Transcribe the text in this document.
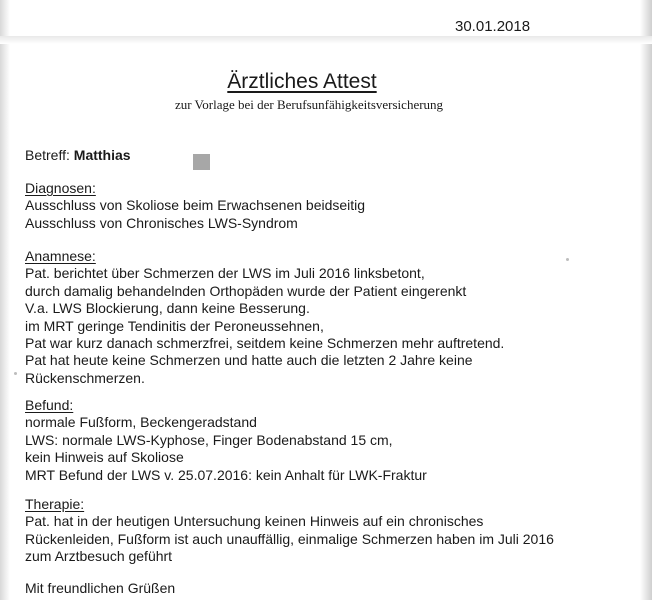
30.01.2018
Ärztliches Attest
zur Vorlage bei der Berufsunfähigkeitsversicherung
Betreff: Matthias
Diagnosen:
Ausschluss von Skoliose beim Erwachsenen beidseitig
Ausschluss von Chronisches LWS-Syndrom
Anamnese:
Pat. berichtet über Schmerzen der LWS im Juli 2016 linksbetont,
durch damalig behandelnden Orthopäden wurde der Patient eingerenkt
V.a. LWS Blockierung, dann keine Besserung.
im MRT geringe Tendinitis der Peroneussehnen,
Pat war kurz danach schmerzfrei, seitdem keine Schmerzen mehr auftretend.
Pat hat heute keine Schmerzen und hatte auch die letzten 2 Jahre keine
Rückenschmerzen.
Befund:
normale Fußform, Beckengeradstand
LWS: normale LWS-Kyphose, Finger Bodenabstand 15 cm,
kein Hinweis auf Skoliose
MRT Befund der LWS v. 25.07.2016: kein Anhalt für LWK-Fraktur
Therapie:
Pat. hat in der heutigen Untersuchung keinen Hinweis auf ein chronisches
Rückenleiden, Fußform ist auch unauffällig, einmalige Schmerzen haben im Juli 2016
zum Arztbesuch geführt
Mit freundlichen Grüßen
